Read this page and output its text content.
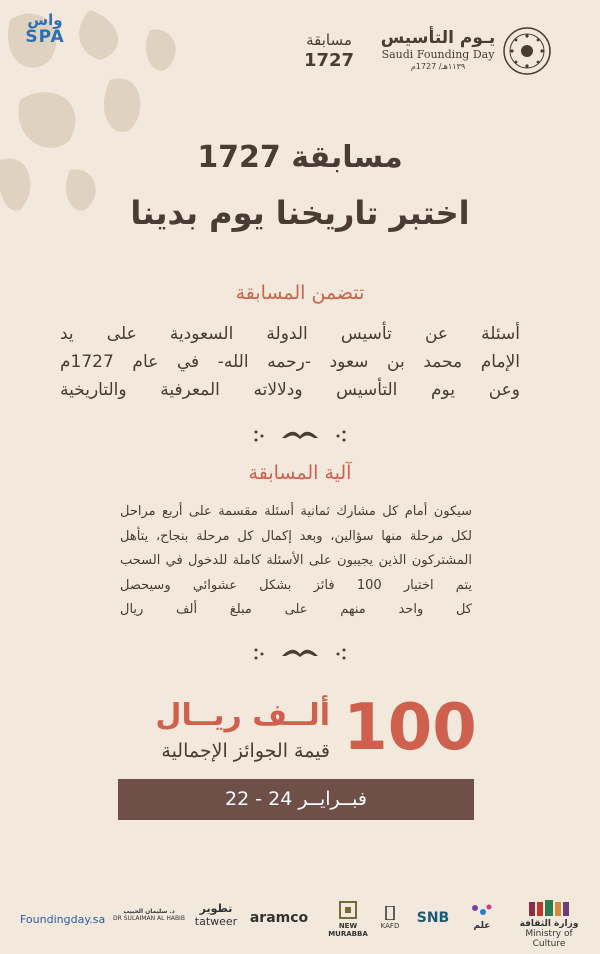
واس
SPA	مسابقة
1727
يـوم التأسيس
Saudi Founding Day
١١٣٩هـ/ 1727م
مسابقة 1727
اختبر تاريخنا يوم بدينا
تتضمن المسابقة
أسئلة عن تأسيس الدولة السعودية على يد
الإمام محمد بن سعود -رحمه الله- في عام 1727م
وعن يوم التأسيس ودلالاته المعرفية والتاريخية
آلية المسابقة
سيكون أمام كل مشارك ثمانية أسئلة مقسمة على أربع مراحل
لكل مرحلة منها سؤالين، وبعد إكمال كل مرحلة بنجاح، يتأهل
المشتركون الذين يجيبون على الأسئلة كاملة للدخول في السحب
يتم اختيار 100 فائز بشكل عشوائي وسيحصل
كل واحد منهم على مبلغ ألف ريال
100
ألــف ريــال
قيمة الجوائز الإجمالية
22 - 24 فبــرايــر
Foundingday.sa	وزارة الثقافة
Ministry of Culture
علم
SNB
KAFD
NEW MURABBA
aramco
تطوير
tatweer
د. سليمان الحبيب
DR SULAIMAN AL HABIB
